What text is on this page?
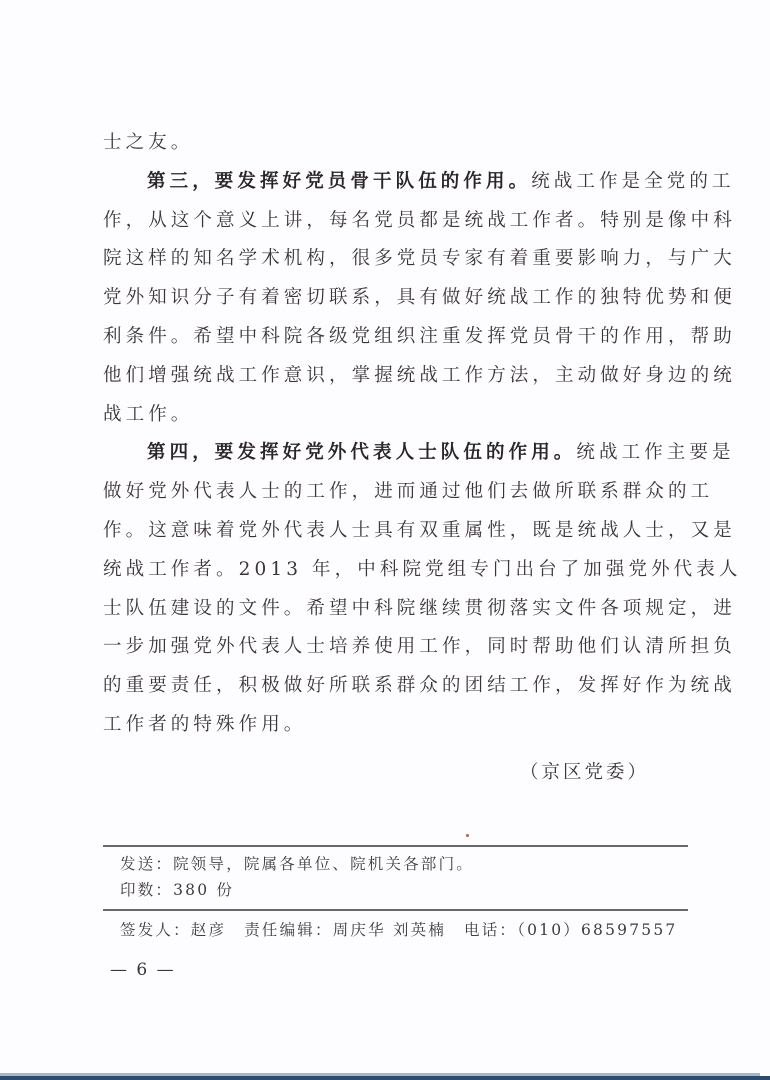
士之友。
第三，要发挥好党员骨干队伍的作用。统战工作是全党的工
作，从这个意义上讲，每名党员都是统战工作者。特别是像中科
院这样的知名学术机构，很多党员专家有着重要影响力，与广大
党外知识分子有着密切联系，具有做好统战工作的独特优势和便
利条件。希望中科院各级党组织注重发挥党员骨干的作用，帮助
他们增强统战工作意识，掌握统战工作方法，主动做好身边的统
战工作。
第四，要发挥好党外代表人士队伍的作用。统战工作主要是
做好党外代表人士的工作，进而通过他们去做所联系群众的工
作。这意味着党外代表人士具有双重属性，既是统战人士，又是
统战工作者。2013 年，中科院党组专门出台了加强党外代表人
士队伍建设的文件。希望中科院继续贯彻落实文件各项规定，进
一步加强党外代表人士培养使用工作，同时帮助他们认清所担负
的重要责任，积极做好所联系群众的团结工作，发挥好作为统战
工作者的特殊作用。
（京区党委）
发送：院领导，院属各单位、院机关各部门。
印数：380 份
签发人：赵彦 责任编辑：周庆华 刘英楠 电话：（010）68597557
— 6 —
